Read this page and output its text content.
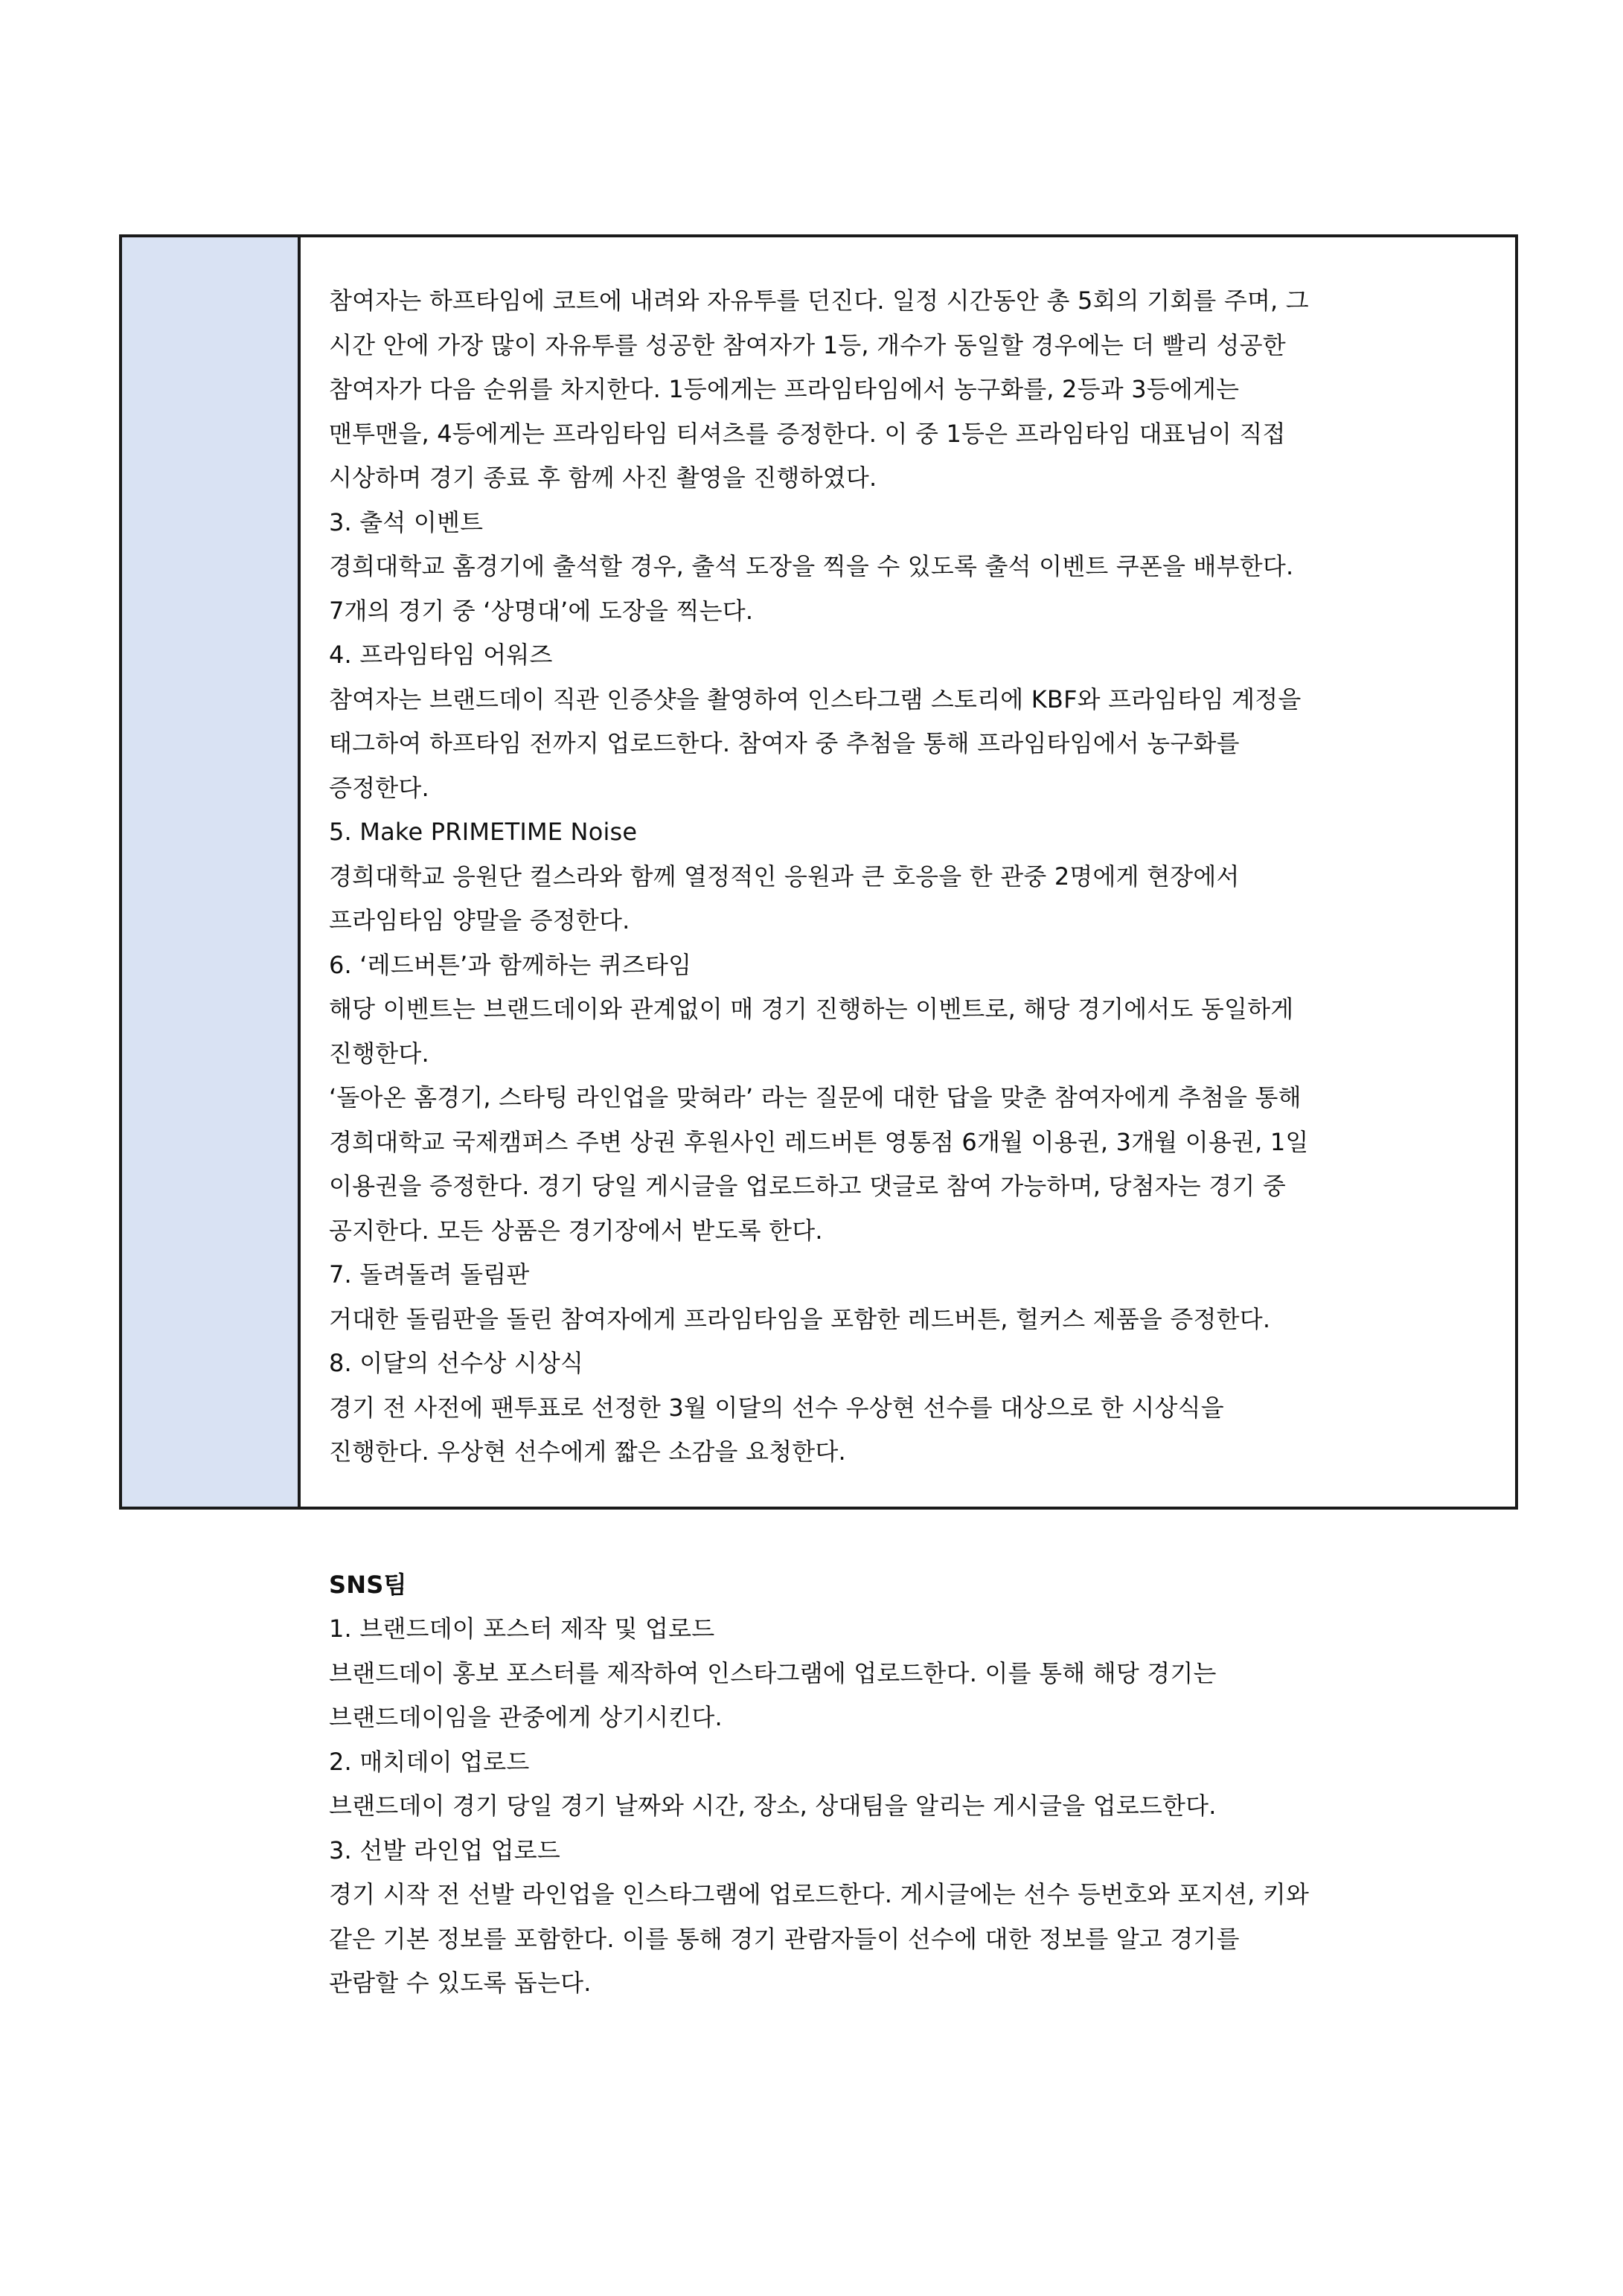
참여자는 하프타임에 코트에 내려와 자유투를 던진다. 일정 시간동안 총 5회의 기회를 주며, 그
시간 안에 가장 많이 자유투를 성공한 참여자가 1등, 개수가 동일할 경우에는 더 빨리 성공한
참여자가 다음 순위를 차지한다. 1등에게는 프라임타임에서 농구화를, 2등과 3등에게는
맨투맨을, 4등에게는 프라임타임 티셔츠를 증정한다. 이 중 1등은 프라임타임 대표님이 직접
시상하며 경기 종료 후 함께 사진 촬영을 진행하였다.
3. 출석 이벤트
경희대학교 홈경기에 출석할 경우, 출석 도장을 찍을 수 있도록 출석 이벤트 쿠폰을 배부한다.
7개의 경기 중 ‘상명대’에 도장을 찍는다.
4. 프라임타임 어워즈
참여자는 브랜드데이 직관 인증샷을 촬영하여 인스타그램 스토리에 KBF와 프라임타임 계정을
태그하여 하프타임 전까지 업로드한다. 참여자 중 추첨을 통해 프라임타임에서 농구화를
증정한다.
5. Make PRIMETIME Noise
경희대학교 응원단 컬스라와 함께 열정적인 응원과 큰 호응을 한 관중 2명에게 현장에서
프라임타임 양말을 증정한다.
6. ‘레드버튼’과 함께하는 퀴즈타임
해당 이벤트는 브랜드데이와 관계없이 매 경기 진행하는 이벤트로, 해당 경기에서도 동일하게
진행한다.
‘돌아온 홈경기, 스타팅 라인업을 맞혀라’ 라는 질문에 대한 답을 맞춘 참여자에게 추첨을 통해
경희대학교 국제캠퍼스 주변 상권 후원사인 레드버튼 영통점 6개월 이용권, 3개월 이용권, 1일
이용권을 증정한다. 경기 당일 게시글을 업로드하고 댓글로 참여 가능하며, 당첨자는 경기 중
공지한다. 모든 상품은 경기장에서 받도록 한다.
7. 돌려돌려 돌림판
거대한 돌림판을 돌린 참여자에게 프라임타임을 포함한 레드버튼, 헐커스 제품을 증정한다.
8. 이달의 선수상 시상식
경기 전 사전에 팬투표로 선정한 3월 이달의 선수 우상현 선수를 대상으로 한 시상식을
진행한다. 우상현 선수에게 짧은 소감을 요청한다.
SNS팀
1. 브랜드데이 포스터 제작 및 업로드
브랜드데이 홍보 포스터를 제작하여 인스타그램에 업로드한다. 이를 통해 해당 경기는
브랜드데이임을 관중에게 상기시킨다.
2. 매치데이 업로드
브랜드데이 경기 당일 경기 날짜와 시간, 장소, 상대팀을 알리는 게시글을 업로드한다.
3. 선발 라인업 업로드
경기 시작 전 선발 라인업을 인스타그램에 업로드한다. 게시글에는 선수 등번호와 포지션, 키와
같은 기본 정보를 포함한다. 이를 통해 경기 관람자들이 선수에 대한 정보를 알고 경기를
관람할 수 있도록 돕는다.
